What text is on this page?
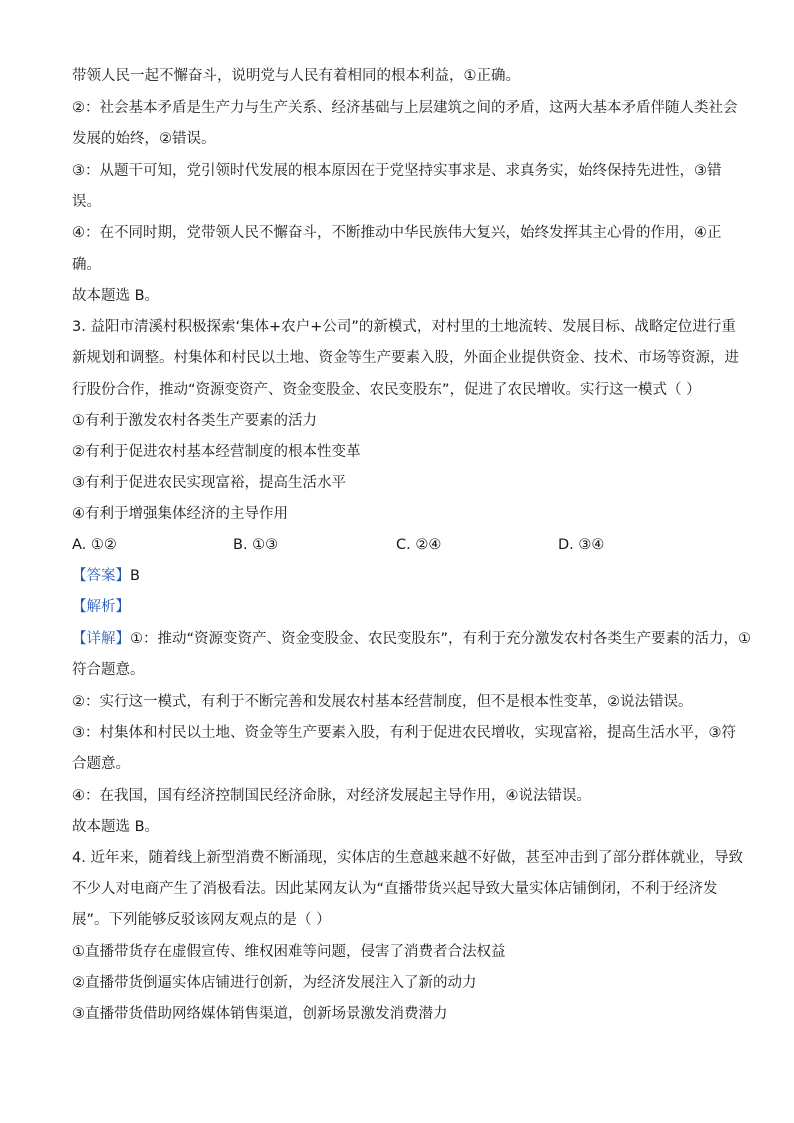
带领人民一起不懈奋斗，说明党与人民有着相同的根本利益，①正确。
②：社会基本矛盾是生产力与生产关系、经济基础与上层建筑之间的矛盾，这两大基本矛盾伴随人类社会
发展的始终，②错误。
③：从题干可知，党引领时代发展的根本原因在于党坚持实事求是、求真务实，始终保持先进性，③错
误。
④：在不同时期，党带领人民不懈奋斗，不断推动中华民族伟大复兴，始终发挥其主心骨的作用，④正
确。
故本题选 B。
3. 益阳市清溪村积极探索‘集体+农户+公司”的新模式，对村里的土地流转、发展目标、战略定位进行重
新规划和调整。村集体和村民以土地、资金等生产要素入股，外面企业提供资金、技术、市场等资源，进
行股份合作，推动“资源变资产、资金变股金、农民变股东”，促进了农民增收。实行这一模式（ ）
①有利于激发农村各类生产要素的活力
②有利于促进农村基本经营制度的根本性变革
③有利于促进农民实现富裕，提高生活水平
④有利于增强集体经济的主导作用
A. ①②	B. ①③	C. ②④	D. ③④
【答案】B
【解析】
【详解】①：推动“资源变资产、资金变股金、农民变股东”，有利于充分激发农村各类生产要素的活力，①
符合题意。
②：实行这一模式，有利于不断完善和发展农村基本经营制度，但不是根本性变革，②说法错误。
③：村集体和村民以土地、资金等生产要素入股，有利于促进农民增收，实现富裕，提高生活水平，③符
合题意。
④：在我国，国有经济控制国民经济命脉，对经济发展起主导作用，④说法错误。
故本题选 B。
4. 近年来，随着线上新型消费不断涌现，实体店的生意越来越不好做，甚至冲击到了部分群体就业，导致
不少人对电商产生了消极看法。因此某网友认为“直播带货兴起导致大量实体店铺倒闭，不利于经济发
展”。下列能够反驳该网友观点的是（ ）
①直播带货存在虚假宣传、维权困难等问题，侵害了消费者合法权益
②直播带货倒逼实体店铺进行创新，为经济发展注入了新的动力
③直播带货借助网络媒体销售渠道，创新场景激发消费潜力
